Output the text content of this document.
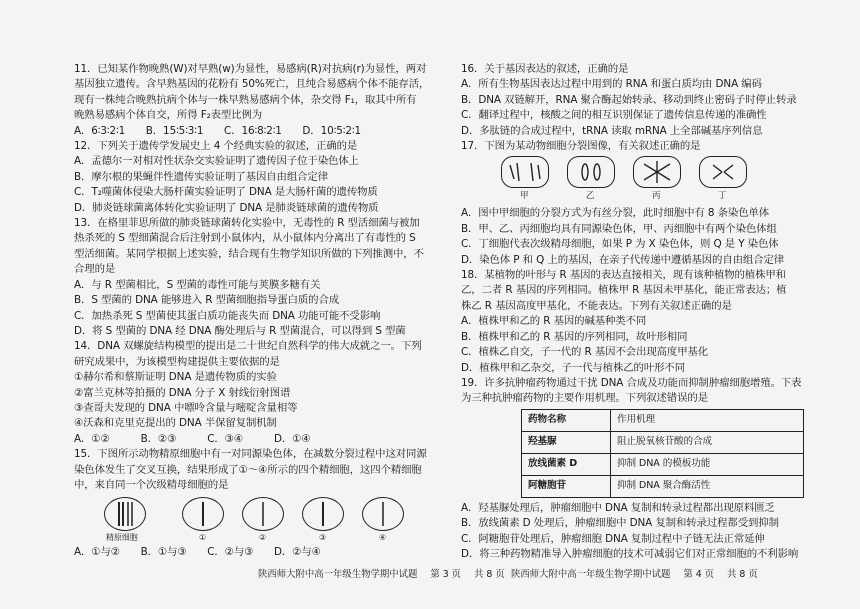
11．已知某作物晚熟(W)对早熟(w)为显性，易感病(R)对抗病(r)为显性，两对
基因独立遗传。含早熟基因的花粉有 50%死亡，且纯合易感病个体不能存活，
现有一株纯合晚熟抗病个体与一株早熟易感病个体，杂交得 F₁，取其中所有
晚熟易感病个体自交，所得 F₂表型比例为
A．6∶3∶2∶1　　B．15∶5∶3∶1　　C．16∶8∶2∶1　　D．10∶5∶2∶1
12．下列关于遗传学发展史上 4 个经典实验的叙述，正确的是
A．孟德尔一对相对性状杂交实验证明了遗传因子位于染色体上
B．摩尔根的果蝇伴性遗传实验证明了基因自由组合定律
C．T₂噬菌体侵染大肠杆菌实验证明了 DNA 是大肠杆菌的遗传物质
D．肺炎链球菌离体转化实验证明了 DNA 是肺炎链球菌的遗传物质
13．在格里菲思所做的肺炎链球菌转化实验中，无毒性的 R 型活细菌与被加
热杀死的 S 型细菌混合后注射到小鼠体内，从小鼠体内分离出了有毒性的 S
型活细菌。某同学根据上述实验，结合现有生物学知识所做的下列推测中，不
合理的是
A．与 R 型菌相比，S 型菌的毒性可能与荚膜多糖有关
B．S 型菌的 DNA 能够进入 R 型菌细胞指导蛋白质的合成
C．加热杀死 S 型菌使其蛋白质功能丧失而 DNA 功能可能不受影响
D．将 S 型菌的 DNA 经 DNA 酶处理后与 R 型菌混合，可以得到 S 型菌
14．DNA 双螺旋结构模型的提出是二十世纪自然科学的伟大成就之一。下列
研究成果中，为该模型构建提供主要依据的是
①赫尔希和蔡斯证明 DNA 是遗传物质的实验
②富兰克林等拍摄的 DNA 分子 X 射线衍射图谱
③查哥夫发现的 DNA 中嘌呤含量与嘧啶含量相等
④沃森和克里克提出的 DNA 半保留复制机制
A．①②　　　B．②③　　　C．③④　　　D．①④
15．下图所示动物精原细胞中有一对同源染色体，在减数分裂过程中这对同源
染色体发生了交叉互换，结果形成了①～④所示的四个精细胞，这四个精细胞
中，来自同一个次级精母细胞的是
精原细胞	①	②	③	④
A．①与②　　B．①与③　　C．②与③　　D．②与④
陕西师大附中高一年级生物学期中试题 第 3 页 共 8 页
16．关于基因表达的叙述，正确的是
A．所有生物基因表达过程中用到的 RNA 和蛋白质均由 DNA 编码
B．DNA 双链解开，RNA 聚合酶起始转录、移动到终止密码子时停止转录
C．翻译过程中，核酸之间的相互识别保证了遗传信息传递的准确性
D．多肽链的合成过程中，tRNA 读取 mRNA 上全部碱基序列信息
17．下图为某动物细胞分裂图像，有关叙述正确的是
甲	乙	丙	丁
A．图中甲细胞的分裂方式为有丝分裂，此时细胞中有 8 条染色单体
B．甲、乙、丙细胞均具有同源染色体，甲、丙细胞中有两个染色体组
C．丁细胞代表次级精母细胞，如果 P 为 X 染色体，则 Q 是 Y 染色体
D．染色体 P 和 Q 上的基因，在亲子代传递中遵循基因的自由组合定律
18．某植物的叶形与 R 基因的表达直接相关，现有该种植物的植株甲和
乙，二者 R 基因的序列相同。植株甲 R 基因未甲基化，能正常表达；植
株乙 R 基因高度甲基化，不能表达。下列有关叙述正确的是
A．植株甲和乙的 R 基因的碱基种类不同
B．植株甲和乙的 R 基因的序列相同，故叶形相同
C．植株乙自交，子一代的 R 基因不会出现高度甲基化
D．植株甲和乙杂交，子一代与植株乙的叶形不同
19．许多抗肿瘤药物通过干扰 DNA 合成及功能而抑制肿瘤细胞增殖。下表
为三种抗肿瘤药物的主要作用机理。下列叙述错误的是
药物名称	作用机理
羟基脲	阻止脱氧核苷酸的合成
放线菌素 D	抑制 DNA 的模板功能
阿糖胞苷	抑制 DNA 聚合酶活性
A．羟基脲处理后，肿瘤细胞中 DNA 复制和转录过程都出现原料匮乏
B．放线菌素 D 处理后，肿瘤细胞中 DNA 复制和转录过程都受到抑制
C．阿糖胞苷处理后，肿瘤细胞 DNA 复制过程中子链无法正常延伸
D．将三种药物精准导入肿瘤细胞的技术可减弱它们对正常细胞的不利影响
陕西师大附中高一年级生物学期中试题 第 4 页 共 8 页
